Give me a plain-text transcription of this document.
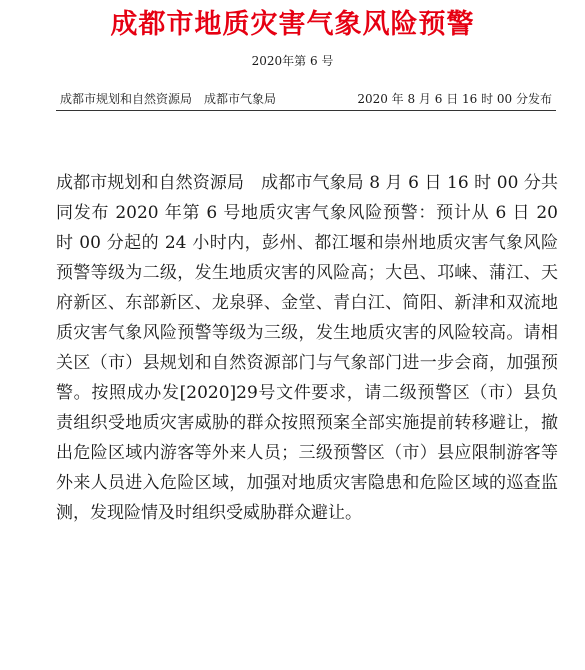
成都市地质灾害气象风险预警
2020年第 6 号
成都市规划和自然资源局　成都市气象局	2020 年 8 月 6 日 16 时 00 分发布
成都市规划和自然资源局　成都市气象局 8 月 6 日 16 时 00 分共同发布 2020 年第 6 号地质灾害气象风险预警：预计从 6 日 20 时 00 分起的 24 小时内，彭州、都江堰和崇州地质灾害气象风险预警等级为二级，发生地质灾害的风险高；大邑、邛崃、蒲江、天府新区、东部新区、龙泉驿、金堂、青白江、简阳、新津和双流地质灾害气象风险预警等级为三级，发生地质灾害的风险较高。请相关区（市）县规划和自然资源部门与气象部门进一步会商，加强预警。按照成办发[2020]29号文件要求，请二级预警区（市）县负责组织受地质灾害威胁的群众按照预案全部实施提前转移避让，撤出危险区域内游客等外来人员；三级预警区（市）县应限制游客等外来人员进入危险区域，加强对地质灾害隐患和危险区域的巡查监测，发现险情及时组织受威胁群众避让。
